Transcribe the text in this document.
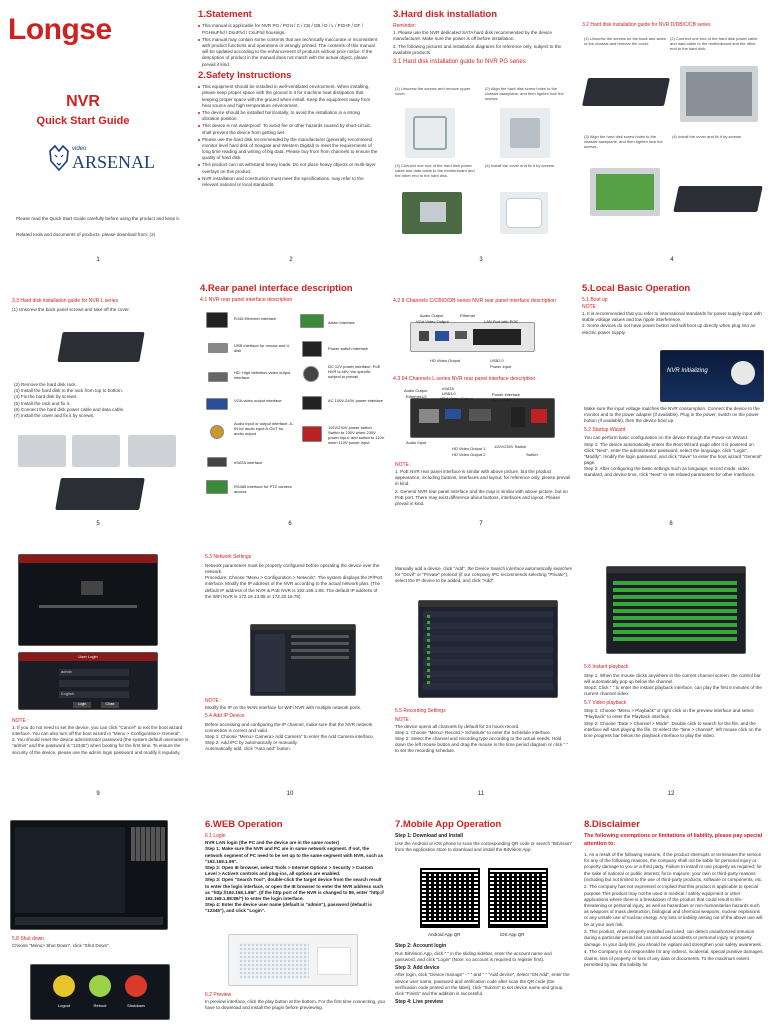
Longse
NVR
Quick Start Guide
video
ARSENAL

Please read the Quick Start Guide carefully before using the product and keep it.

Related tools and documents of products, please download from: (2)

1
1.Statement
This manual is applicable for NVR PG / PGH / C / CB / DB / D / L / PGHF / DF / PGHsuFhd / DsuFhd / CsuFhd housings.
This manual may contain some contents that are technically inaccurate or inconsistent with product functions and operations or wrongly printed. The contents of this manual will be updated according to the enhancement of products without prior notice. If the description of product in the manual does not match with the actual object, please prevail it kind.
2.Safety Instructions
This equipment should be installed in well-ventilated environment. When installing, please keep proper space with the ground in it for machine heat dissipation that keeping proper space with the ground when install. Keep the equipment away from heat source and high temperature environment.
The device should be installed horizontally, to avoid the installation in a strong vibration position.
This device is not waterproof. To avoid fire or other hazards caused by short-circuit, shall prevent the device from getting wet.
Please use the hard disk recommended by the manufacturer (generally recommend monitor level hard disk of Seagate and Western Digital) to meet the requirements of long time reading and writing of big data. Please buy from from channels to ensure the quality of hard disk.
This product can not withstand heavy loads. Do not place heavy objects or multi-layer overlays on this product.
NVR installation and construction must meet the specifications, may refer to the relevant national or local standards.
2
3.Hard disk installation
Reminder:

1. Please use the NVR dedicated SATA hard disk recommended by the device manufacturer. Make sure the power is off before installation.

2. The following pictures and installation diagrams for reference only, subject to the available products.

3.1 Hard disk installation guide for NVR PG series
(1) Unscrew the screws and remove upper cover.
(2) Align the hard disk screw holes to the chassis baseplane, and then tighten lock the screws.
(3) Connect one end of the hard disk power cable and data cable to the motherboard and the other end to the hard disk.
(4) Install the cover and fix it by screws.
3
3.2 Hard disk installation guide for NVR D/DB/C/CB series
(1) Unscrew the screws on the back and sides of the chassis and remove the cover.
(2) Connect one end of the hard disk power cable and data cable to the motherboard and the other end to the hard disk.
(3) Align the hard disk screw holes to the chassis baseplane, and then tighten lock the screws.
(4) Install the cover and fix it by screws.
4
3.3 Hard disk installation guide for NVR L series

(1) Unscrew the back panel screws and take off the cover.

(2) Remove the hard disk rack.
(3) Install the hard disk to the rack from top to bottom.
(4) Fix the hard disk by screws.
(5) Install the rack and fix it.
(6) Connect the hard disk power cable and data cable.
(7) Install the cover and fix it by screws.
5
4.Rear panel interface description
4.1 NVR rear panel interface description
RJ45 Ethernet interface
Alarm interface
USB interface for mouse and U disk	Power switch interface
HD: High definition video output interface
DC 12V power interface, PoE NVR is 48V, the specific subject to prevail
VGA video output interface	AC 100V-240V power interface
Audio input or output interface. A-IN for audio input A-OUT for audio output
110V/230V power switch. Switch to 230V when 230V power input, and switch to 110V when 110V power input
eSATA interface
RS485 interface for PTZ camera access
6
4.2 8 Channels C/CB/D/DB series NVR rear panel interface description
Audio Output	Ethernet
VGA Video Output	LAN Port with POE
HD Video Output	USB2.0
Power Input
4.3 64 Channels L series NVR rear panel interface description
Audio Output	eSATA
USB3.0
Ethernet1/2	VGA Video Output
Power Interface
Alarm Interface
Audio Input
HD Video Output 1
HD Video Output 2
110V/230V Switch
Switch
NOTE :

1. PoE NVR rear panel interface is similar with above picture, but the product appearance, including buttons, interfaces and layout, for reference only, please prevail in kind.

2. General NVR rear panel interface and the map is similar with above picture, but no PoE port. There may exist difference about buttons, interfaces and layout. Please prevail in kind.

7
5.Local Basic Operation
5.1 Boot up
NOTE :

1. It is recommended that you refer to international standards for power supply input with stable voltage values and low ripple interference.
2. Some devices do not have power button and will boot up directly when plug into an electric power supply.

NVR Initializing

Make sure the input voltage matches the NVR consumption. Connect the device to the monitor and to the power adapter (if available). Plug in the power, switch on the power button (if available), then the device boot up.

5.2 Startup Wizard

You can perform basic configuration on the device through the Power-on Wizard.
Step 1: The device automatically enters the Boot Wizard page after it is powered on. Click "Next", enter the administrator password, select the language, click "Login", "Modify", modify the login password, and click "Save" to enter the boot wizard "General" page.
Step 2: After configuring the basic settings such as language, record mode, video standard, and device time, click "Next" to set related parameters for other interfaces.

8
User Login
admin
English
Login	Close
NOTE :

1. If you do not need to set the device, you can click "Cancel" to exit the boot wizard interface. You can also turn off the boot wizard in "Menu > Configuration> General".
2. You should reset the device administrator password (the system default username is "admin" and the password is "12345") when booting for the first time. To ensure the security of the device, please use the admin login password and modify it regularly.

9
5.3 Network Settings

Network parameters must be properly configured before operating the device over the network.
Procedure: Choose "Menu > Configuration > Network". The system displays the IP/Port interface. Modify the IP address of the NVR according to the actual network plan. (The default IP address of the NVR & PoE NVR is 192.168.1.88. The default IP address of the WiFi NVR is 172.18.13.88 or 172.20.18.78)

NOTE :

Modify the IP on the WAN interface for WiFi NVR with multiple network ports.

5.4 Add IP Device

Before accessing and configuring the IP channel, make sure that the NVR network connection is correct and valid.
Step 1: Choose "Menu> Camera> Add Camera" to enter the Add Camera interface.
Step 2: Add IPC by automatically or manually.
Automatically add, click "Auto add" button.

10

Manually add a device, click "Add", the Device Search interface automatically searches for "Onvif" or "Private" protocol (if our company IPC recommends selecting "Private"), select the IP device to be added, and click "Add".

5.5 Recording Settings
NOTE :

The device opens all channels by default for 24 hours record.
Step 1: Choose "Menu> Record > Schedule" to enter the Schedule interface.
Step 2: Select the channel and recording type according to the actual needs. Hold down the left mouse button and drag the mouse in the time period diagram or click " " to set the recording schedule.

11
5.6 Instant playback

Step 1: When the mouse clicks anywhere in the current channel screen, the control bar will automatically pop up below the channel.
Step2: Click " " to enter the instant playback interface, can play the first 5 minutes of the current channel video.

5.7 Video playback

Step 1: Choose "Menu > Playback" or right click on the preview interface and select "Playback" to enter the Playback interface.
Step 2: Choose "Date > Channel > Mode". Double click to search for the file, and the interface will start playing the file. Or select the "time > channel", left mouse click on the time progress bar below the playback interface to play the video.

12
5.8 Shut down

Choose "Menu> Shut Down", click "Shut Down".

Logout	Reboot	Shutdown
6.WEB Operation
6.1 Login

NVR LAN login (the PC and the device are in the same router)
Step 1: Make sure the NVR and PC are in same network segment. If not, the network segment of PC need to be set up to the same segment with NVR, such as "192.168.1.99".
Step 2: Open IE browser, select Tools > Internet Options > Security > Custom Level > ActiveX controls and plug-ins, all options are enabled.
Step 3: Open "Search Tool", double-click the target device from the search result to enter the login interface, or open the IE browser to enter the NVR address such as "http://192.168.1.88/". (If the http port of the NVR is changed to 89, enter "http:// 192.168.1.88:89/") to enter the login interface.
Step 4: Enter the device user name (default is "admin"), password (default is "12345"), and click "Login".

6.2 Preview

In preview interface, click the play button at the bottom. For the first time connecting, you have to download and install the plugin before previewing.

7.Mobile App Operation
Step 1: Download and Install

Use the Android or iOS phone to scan the corresponding QR code or search "BitVision" from the application store to download and install the BitVision App.

Android App QR	iOS App QR
Step 2: Account login

Run BitVision App, click " " in the sliding sidebar, enter the account name and password, and click "Login" (Note: no account is required to register first).

Step 3: Add device

After login, click "Device manage" - " " and " " "Add device", select "SN Add", enter the device user name, password and verification code after scan the QR code (the verification code printed on the label), click "Submit" to set device name and group, click "Finish" and the addition is successful.

Step 4: Live preview
8.Disclaimer

The following exemptions or limitations of liability, please pay special attention to:

1. As a result of the following reasons, if the product interrupts or terminates the service for any of the following reasons, the company shall not be liable for personal injury or property damage to you or a third party. Failure to install or use properly as required; for the sake of national or public interest; force majeure; your own or third-party reasons (including but not limited to the use of third-party products, software or components, etc.

2. The company has not expressed or implied that this product is applicable to special purpose.This product may not be used in medical / safety equipment or other applications where there is a breakdown of the product that could result in life-threatening or personal injury, as well as hazardous or non-humanitarian hazards such as weapons of mass destruction, biological and chemical weapons, nuclear explosions or any unsafe use of nuclear energy. Any loss or liability arising out of the above use will be at your own risk.

3. This product, when properly installed and used, can detect unauthorized intrusion during a particular period but can not avoid accidents or personal injury or property damage. In your daily life, you should be vigilant and strengthen your safety awareness.

4. The Company is not responsible for any indirect, incidental, special punitive damages, claims, loss of property or loss of any data or documents. To the maximum extent permitted by law, the liability for
